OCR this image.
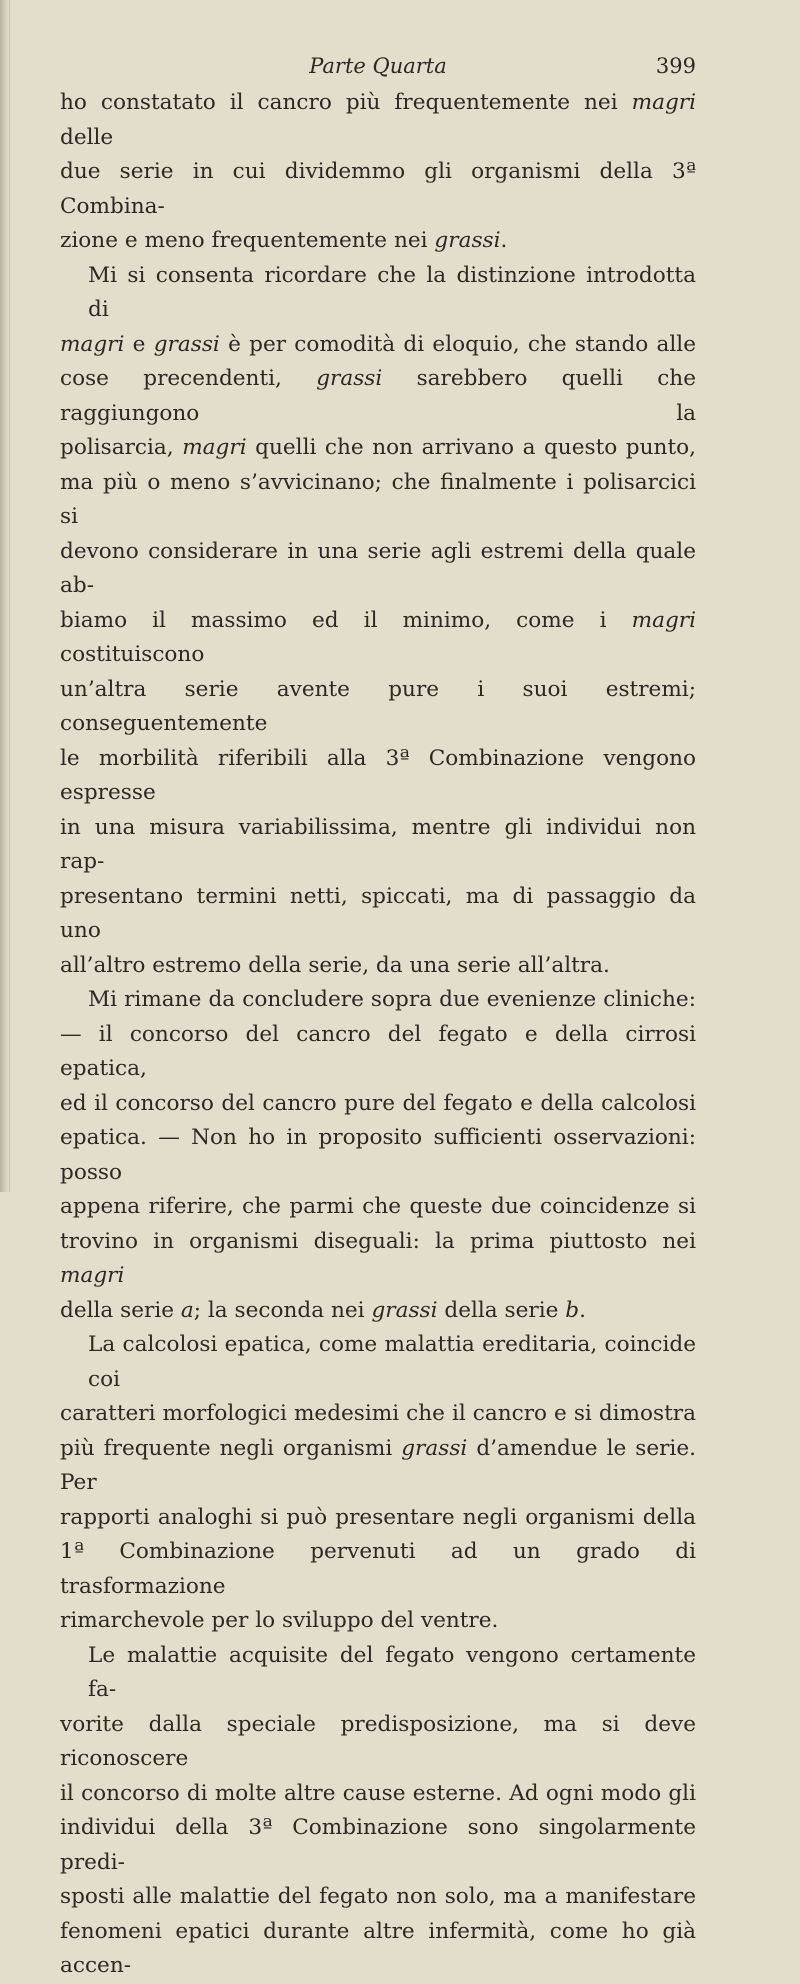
Parte Quarta	399
ho constatato il cancro più frequentemente nei magri delle
due serie in cui dividemmo gli organismi della 3ª Combina-
zione e meno frequentemente nei grassi.
Mi si consenta ricordare che la distinzione introdotta di
magri e grassi è per comodità di eloquio, che stando alle
cose precendenti, grassi sarebbero quelli che raggiungono la
polisarcia, magri quelli che non arrivano a questo punto,
ma più o meno s’avvicinano; che finalmente i polisarcici si
devono considerare in una serie agli estremi della quale ab-
biamo il massimo ed il minimo, come i magri costituiscono
un’altra serie avente pure i suoi estremi; conseguentemente
le morbilità riferibili alla 3ª Combinazione vengono espresse
in una misura variabilissima, mentre gli individui non rap-
presentano termini netti, spiccati, ma di passaggio da uno
all’altro estremo della serie, da una serie all’altra.
Mi rimane da concludere sopra due evenienze cliniche:
— il concorso del cancro del fegato e della cirrosi epatica,
ed il concorso del cancro pure del fegato e della calcolosi
epatica. — Non ho in proposito sufficienti osservazioni: posso
appena riferire, che parmi che queste due coincidenze si
trovino in organismi diseguali: la prima piuttosto nei magri
della serie a; la seconda nei grassi della serie b.
La calcolosi epatica, come malattia ereditaria, coincide coi
caratteri morfologici medesimi che il cancro e si dimostra
più frequente negli organismi grassi d’amendue le serie. Per
rapporti analoghi si può presentare negli organismi della
1ª Combinazione pervenuti ad un grado di trasformazione
rimarchevole per lo sviluppo del ventre.
Le malattie acquisite del fegato vengono certamente fa-
vorite dalla speciale predisposizione, ma si deve riconoscere
il concorso di molte altre cause esterne. Ad ogni modo gli
individui della 3ª Combinazione sono singolarmente predi-
sposti alle malattie del fegato non solo, ma a manifestare
fenomeni epatici durante altre infermità, come ho già accen-
